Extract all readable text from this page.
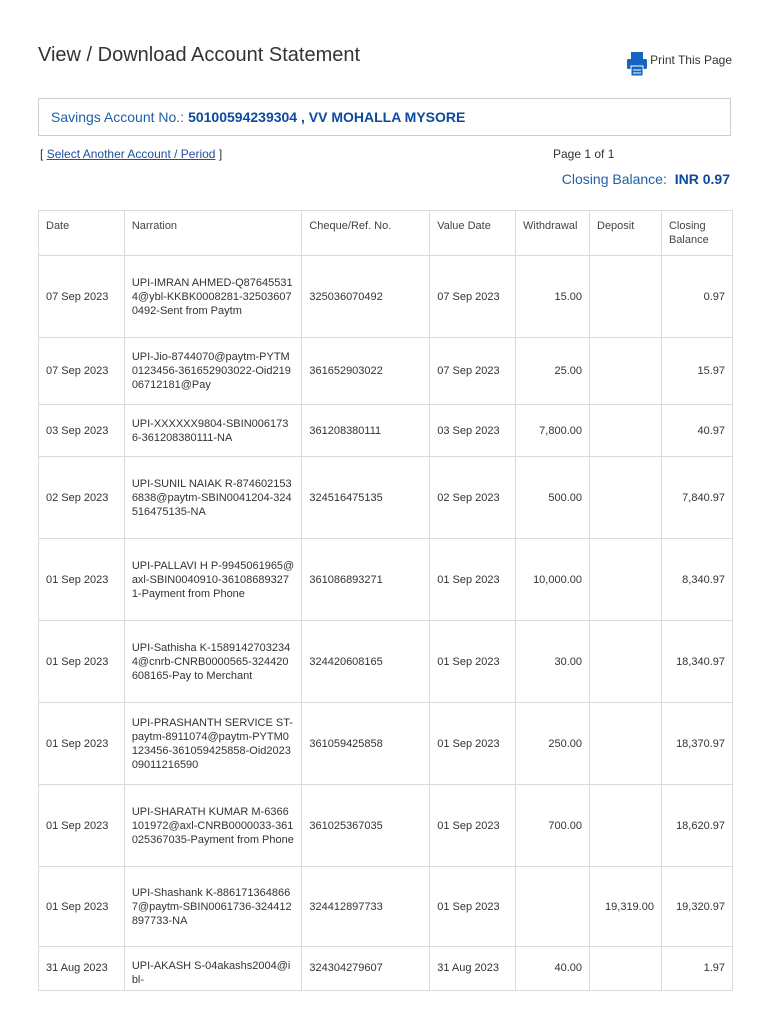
View / Download Account Statement	Print This Page
Savings Account No.: 50100594239304 , VV MOHALLA MYSORE
[ Select Another Account / Period ]	Page 1 of 1
Closing Balance: INR 0.97
Date	Narration	Cheque/Ref. No.	Value Date	Withdrawal	Deposit	Closing Balance
07 Sep 2023	UPI-IMRAN AHMED-Q876455314@ybl-KKBK0008281-325036070492-Sent from Paytm	325036070492	07 Sep 2023	15.00		0.97
07 Sep 2023	UPI-Jio-8744070@paytm-PYTM0123456-361652903022-Oid21906712181@Pay	361652903022	07 Sep 2023	25.00		15.97
03 Sep 2023	UPI-XXXXXX9804-SBIN0061736-361208380111-NA	361208380111	03 Sep 2023	7,800.00		40.97
02 Sep 2023	UPI-SUNIL NAIAK R-8746021536838@paytm-SBIN0041204-324516475135-NA	324516475135	02 Sep 2023	500.00		7,840.97
01 Sep 2023	UPI-PALLAVI H P-9945061965@axl-SBIN0040910-361086893271-Payment from Phone	361086893271	01 Sep 2023	10,000.00		8,340.97
01 Sep 2023	UPI-Sathisha K-15891427032344@cnrb-CNRB0000565-324420608165-Pay to Merchant	324420608165	01 Sep 2023	30.00		18,340.97
01 Sep 2023	UPI-PRASHANTH SERVICE ST-paytm-8911074@paytm-PYTM0123456-361059425858-Oid202309011216590	361059425858	01 Sep 2023	250.00		18,370.97
01 Sep 2023	UPI-SHARATH KUMAR M-6366101972@axl-CNRB0000033-361025367035-Payment from Phone	361025367035	01 Sep 2023	700.00		18,620.97
01 Sep 2023	UPI-Shashank K-8861713648667@paytm-SBIN0061736-324412897733-NA	324412897733	01 Sep 2023		19,319.00	19,320.97
31 Aug 2023	UPI-AKASH S-04akashs2004@ibl-	324304279607	31 Aug 2023	40.00		1.97
